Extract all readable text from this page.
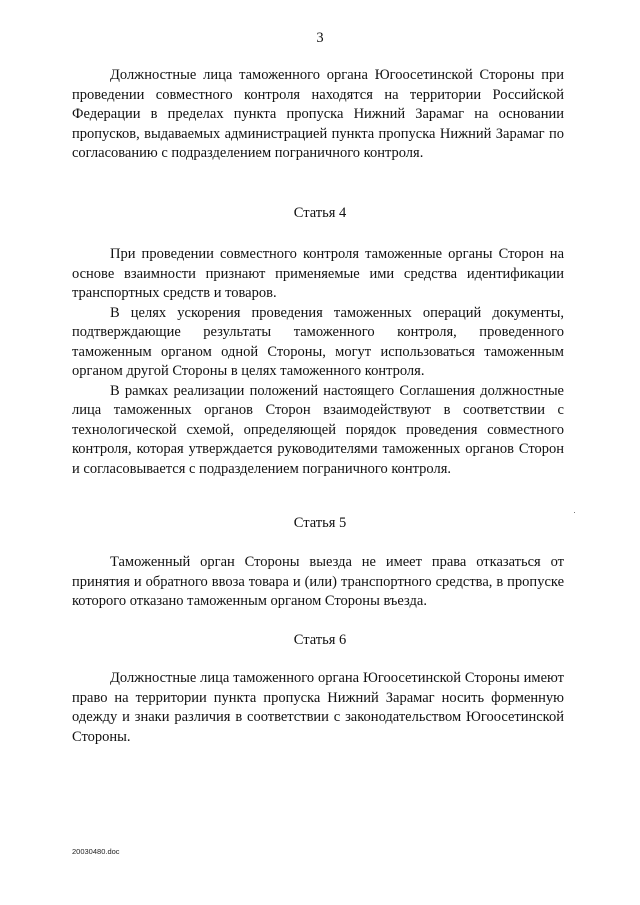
3

Должностные лица таможенного органа Югоосетинской Стороны при проведении совместного контроля находятся на территории Российской Федерации в пределах пункта пропуска Нижний Зарамаг на основании пропусков, выдаваемых администрацией пункта пропуска Нижний Зарамаг по согласованию с подразделением пограничного контроля.

Статья 4

При проведении совместного контроля таможенные органы Сторон на основе взаимности признают применяемые ими средства идентификации транспортных средств и товаров.

В целях ускорения проведения таможенных операций документы, подтверждающие результаты таможенного контроля, проведенного таможенным органом одной Стороны, могут использоваться таможенным органом другой Стороны в целях таможенного контроля.

В рамках реализации положений настоящего Соглашения должностные лица таможенных органов Сторон взаимодействуют в соответствии с технологической схемой, определяющей порядок проведения совместного контроля, которая утверждается руководителями таможенных органов Сторон и согласовывается с подразделением пограничного контроля.

Статья 5

Таможенный орган Стороны выезда не имеет права отказаться от принятия и обратного ввоза товара и (или) транспортного средства, в пропуске которого отказано таможенным органом Стороны въезда.

Статья 6

Должностные лица таможенного органа Югоосетинской Стороны имеют право на территории пункта пропуска Нижний Зарамаг носить форменную одежду и знаки различия в соответствии с законодательством Югоосетинской Стороны.

20030480.doc
